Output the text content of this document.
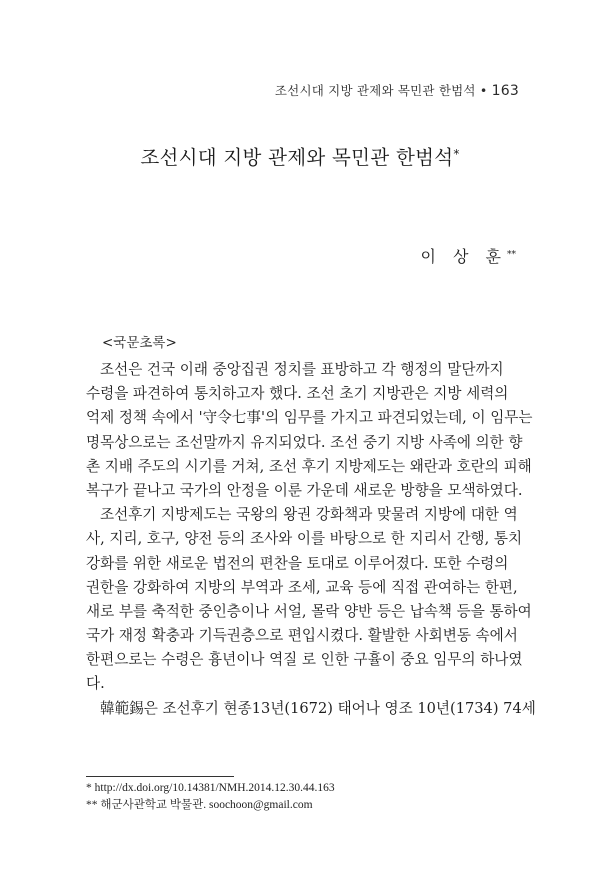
조선시대 지방 관제와 목민관 한범석 • 163
조선시대 지방 관제와 목민관 한범석*
이 상 훈**
<국문초록>
조선은 건국 이래 중앙집권 정치를 표방하고 각 행정의 말단까지
수령을 파견하여 통치하고자 했다. 조선 초기 지방관은 지방 세력의
억제 정책 속에서 '守令七事'의 임무를 가지고 파견되었는데, 이 임무는
명목상으로는 조선말까지 유지되었다. 조선 중기 지방 사족에 의한 향
촌 지배 주도의 시기를 거쳐, 조선 후기 지방제도는 왜란과 호란의 피해
복구가 끝나고 국가의 안정을 이룬 가운데 새로운 방향을 모색하였다.
조선후기 지방제도는 국왕의 왕권 강화책과 맞물려 지방에 대한 역
사, 지리, 호구, 양전 등의 조사와 이를 바탕으로 한 지리서 간행, 통치
강화를 위한 새로운 법전의 편찬을 토대로 이루어졌다. 또한 수령의
권한을 강화하여 지방의 부역과 조세, 교육 등에 직접 관여하는 한편,
새로 부를 축적한 중인층이나 서얼, 몰락 양반 등은 납속책 등을 통하여
국가 재정 확충과 기득권층으로 편입시켰다. 활발한 사회변동 속에서
한편으로는 수령은 흉년이나 역질 로 인한 구휼이 중요 임무의 하나였
다.
韓範錫은 조선후기 현종13년(1672) 태어나 영조 10년(1734) 74세
* http://dx.doi.org/10.14381/NMH.2014.12.30.44.163
** 해군사관학교 박물관. soochoon@gmail.com
